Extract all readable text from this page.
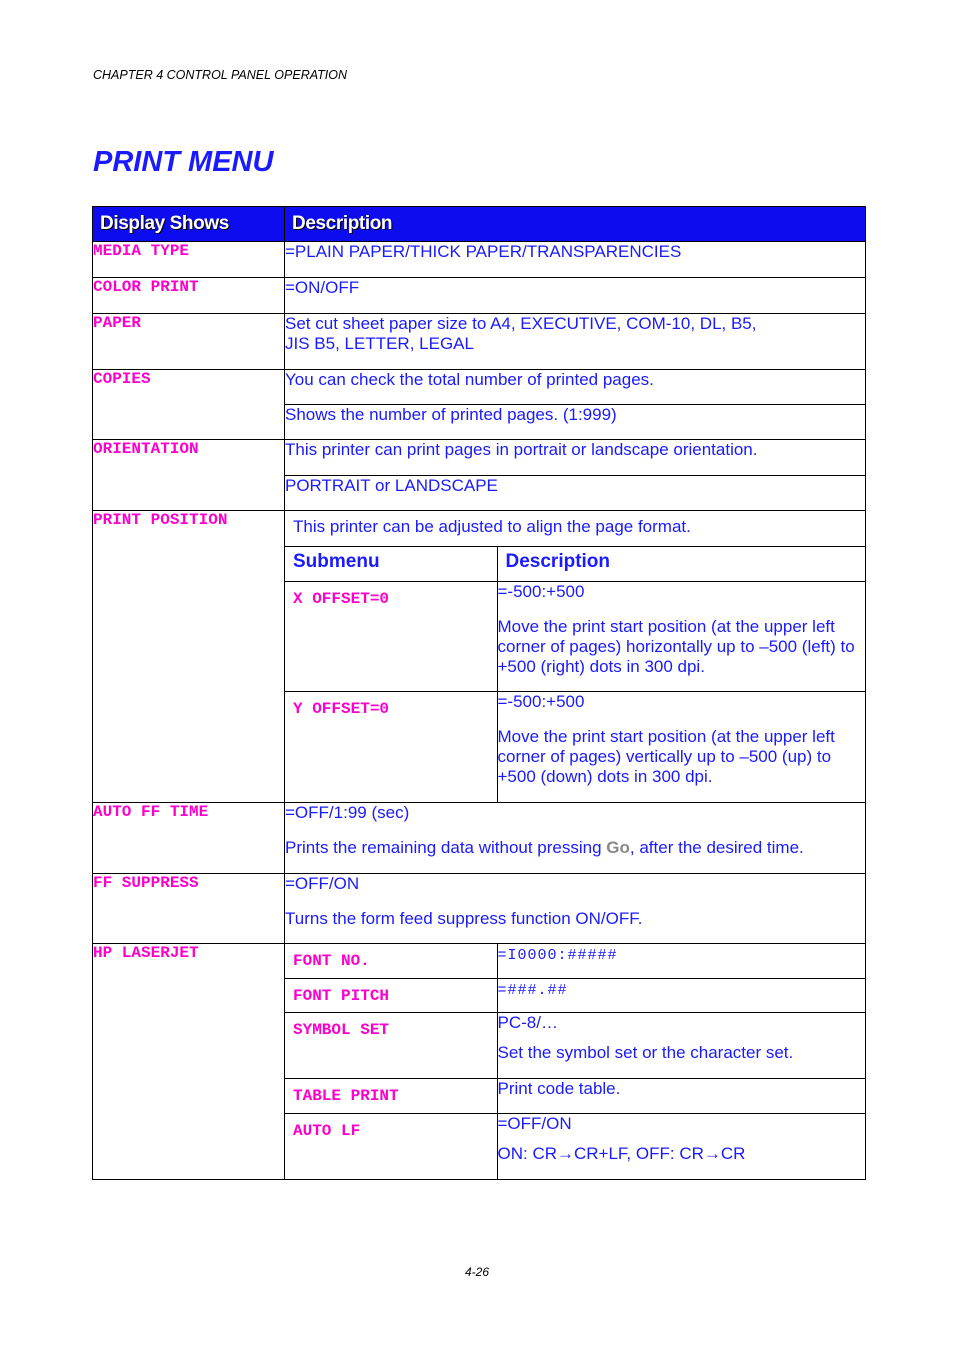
CHAPTER 4 CONTROL PANEL OPERATION
PRINT MENU
Display Shows	Description
MEDIA TYPE	=PLAIN PAPER/THICK PAPER/TRANSPARENCIES
COLOR PRINT	=ON/OFF
PAPER	Set cut sheet paper size to A4, EXECUTIVE, COM-10, DL, B5,
JIS B5, LETTER, LEGAL

COPIES	You can check the total number of printed pages.
Shows the number of printed pages. (1:999)
ORIENTATION	This printer can print pages in portrait or landscape orientation.
PORTRAIT or LANDSCAPE
PRINT POSITION	This printer can be adjusted to align the page format.
Submenu	Description
X OFFSET=0	=-500:+500

Move the print start position (at the upper left corner of pages) horizontally up to –500 (left) to +500 (right) dots in 300 dpi.

Y OFFSET=0	=-500:+500

Move the print start position (at the upper left corner of pages) vertically up to –500 (up) to +500 (down) dots in 300 dpi.

AUTO FF TIME	=OFF/1:99 (sec)

Prints the remaining data without pressing Go, after the desired time.

FF SUPPRESS	=OFF/ON

Turns the form feed suppress function ON/OFF.

HP LASERJET		FONT NO.	=I0000:#####
FONT PITCH	=###.##
SYMBOL SET	PC-8/…

Set the symbol set or the character set.

TABLE PRINT	Print code table.
AUTO LF	=OFF/ON

ON: CR→CR+LF, OFF: CR→CR

4-26
